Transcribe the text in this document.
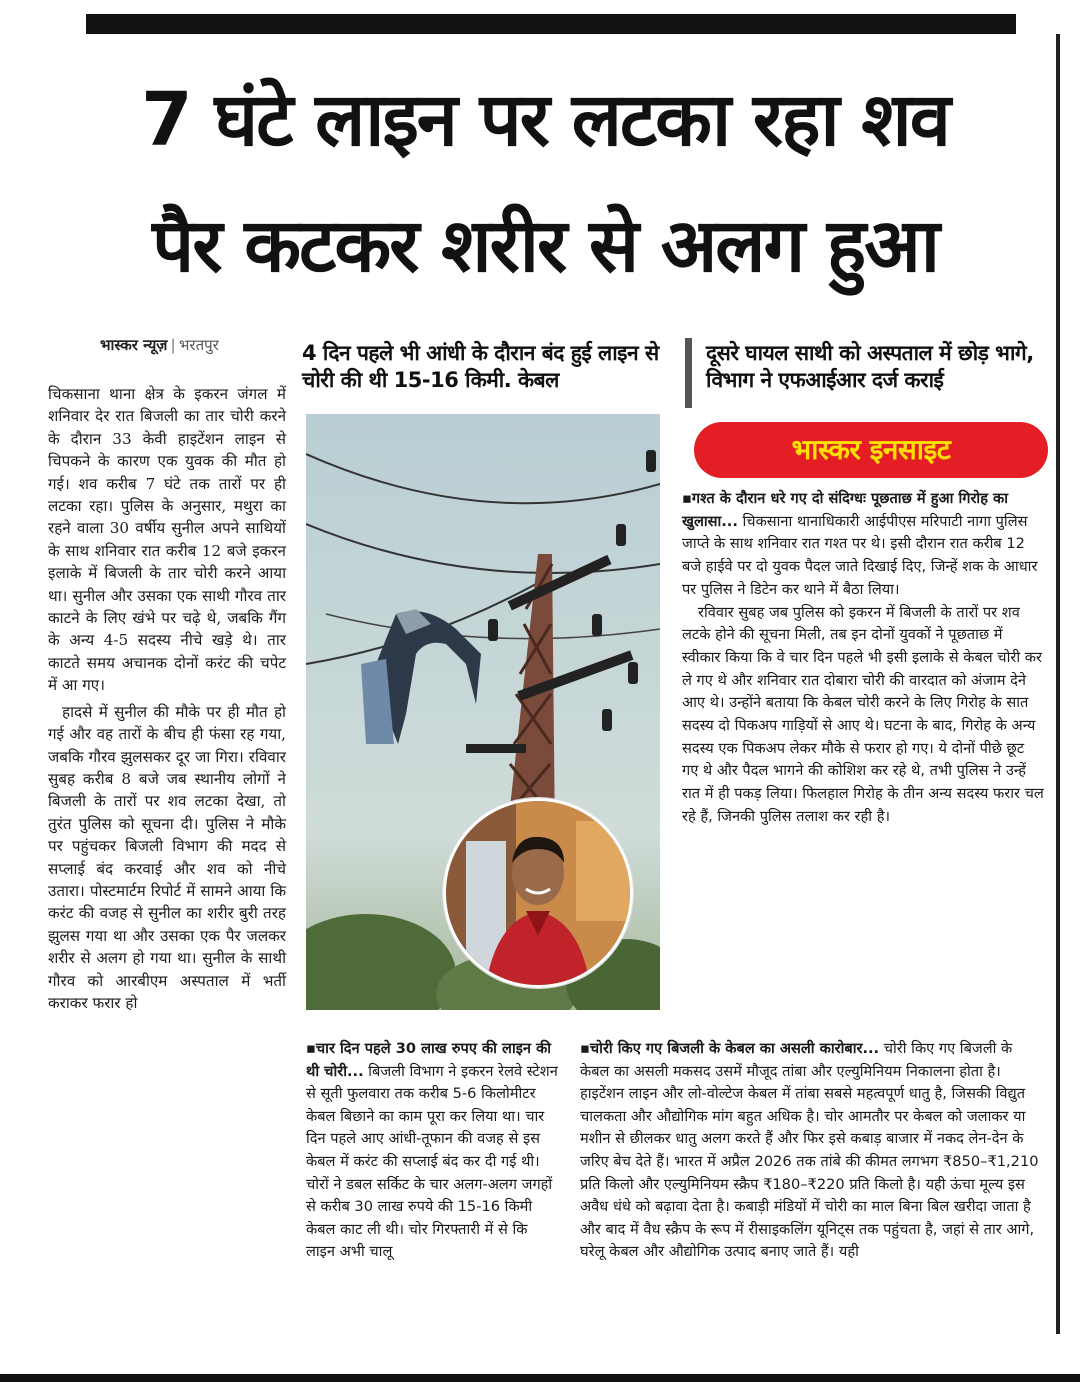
7 घंटे लाइन पर लटका रहा शव
पैर कटकर शरीर से अलग हुआ
भास्कर न्यूज़ | भरतपुर

चिकसाना थाना क्षेत्र के इकरन जंगल में शनिवार देर रात बिजली का तार चोरी करने के दौरान 33 केवी हाइटेंशन लाइन से चिपकने के कारण एक युवक की मौत हो गई। शव करीब 7 घंटे तक तारों पर ही लटका रहा। पुलिस के अनुसार, मथुरा का रहने वाला 30 वर्षीय सुनील अपने साथियों के साथ शनिवार रात करीब 12 बजे इकरन इलाके में बिजली के तार चोरी करने आया था। सुनील और उसका एक साथी गौरव तार काटने के लिए खंभे पर चढ़े थे, जबकि गैंग के अन्य 4-5 सदस्य नीचे खड़े थे। तार काटते समय अचानक दोनों करंट की चपेट में आ गए।

हादसे में सुनील की मौके पर ही मौत हो गई और वह तारों के बीच ही फंसा रह गया, जबकि गौरव झुलसकर दूर जा गिरा। रविवार सुबह करीब 8 बजे जब स्थानीय लोगों ने बिजली के तारों पर शव लटका देखा, तो तुरंत पुलिस को सूचना दी। पुलिस ने मौके पर पहुंचकर बिजली विभाग की मदद से सप्लाई बंद करवाई और शव को नीचे उतारा। पोस्टमार्टम रिपोर्ट में सामने आया कि करंट की वजह से सुनील का शरीर बुरी तरह झुलस गया था और उसका एक पैर जलकर शरीर से अलग हो गया था। सुनील के साथी गौरव को आरबीएम अस्पताल में भर्ती कराकर फरार हो

4 दिन पहले भी आंधी के दौरान बंद हुई लाइन से चोरी की थी 15-16 किमी. केबल
दूसरे घायल साथी को अस्पताल में छोड़ भागे, विभाग ने एफआईआर दर्ज कराई
भास्कर इनसाइट

▪गश्त के दौरान धरे गए दो संदिग्धः पूछताछ में हुआ गिरोह का खुलासा... चिकसाना थानाधिकारी आईपीएस मरिपाटी नागा पुलिस जाप्ते के साथ शनिवार रात गश्त पर थे। इसी दौरान रात करीब 12 बजे हाईवे पर दो युवक पैदल जाते दिखाई दिए, जिन्हें शक के आधार पर पुलिस ने डिटेन कर थाने में बैठा लिया।

रविवार सुबह जब पुलिस को इकरन में बिजली के तारों पर शव लटके होने की सूचना मिली, तब इन दोनों युवकों ने पूछताछ में स्वीकार किया कि वे चार दिन पहले भी इसी इलाके से केबल चोरी कर ले गए थे और शनिवार रात दोबारा चोरी की वारदात को अंजाम देने आए थे। उन्होंने बताया कि केबल चोरी करने के लिए गिरोह के सात सदस्य दो पिकअप गाड़ियों से आए थे। घटना के बाद, गिरोह के अन्य सदस्य एक पिकअप लेकर मौके से फरार हो गए। ये दोनों पीछे छूट गए थे और पैदल भागने की कोशिश कर रहे थे, तभी पुलिस ने उन्हें रात में ही पकड़ लिया। फिलहाल गिरोह के तीन अन्य सदस्य फरार चल रहे हैं, जिनकी पुलिस तलाश कर रही है।

▪चार दिन पहले 30 लाख रुपए की लाइन की थी चोरी... बिजली विभाग ने इकरन रेलवे स्टेशन से सूती फुलवारा तक करीब 5-6 किलोमीटर केबल बिछाने का काम पूरा कर लिया था। चार दिन पहले आए आंधी-तूफान की वजह से इस केबल में करंट की सप्लाई बंद कर दी गई थी। चोरों ने डबल सर्किट के चार अलग-अलग जगहों से करीब 30 लाख रुपये की 15-16 किमी केबल काट ली थी। चोर गिरफ्तारी में से कि लाइन अभी चालू
▪चोरी किए गए बिजली के केबल का असली कारोबार... चोरी किए गए बिजली के केबल का असली मकसद उसमें मौजूद तांबा और एल्युमिनियम निकालना होता है। हाइटेंशन लाइन और लो-वोल्टेज केबल में तांबा सबसे महत्वपूर्ण धातु है, जिसकी विद्युत चालकता और औद्योगिक मांग बहुत अधिक है। चोर आमतौर पर केबल को जलाकर या मशीन से छीलकर धातु अलग करते हैं और फिर इसे कबाड़ बाजार में नकद लेन-देन के जरिए बेच देते हैं। भारत में अप्रैल 2026 तक तांबे की कीमत लगभग ₹850–₹1,210 प्रति किलो और एल्युमिनियम स्क्रैप ₹180–₹220 प्रति किलो है। यही ऊंचा मूल्य इस अवैध धंधे को बढ़ावा देता है। कबाड़ी मंडियों में चोरी का माल बिना बिल खरीदा जाता है और बाद में वैध स्क्रैप के रूप में रीसाइकलिंग यूनिट्स तक पहुंचता है, जहां से तार आगे, घरेलू केबल और औद्योगिक उत्पाद बनाए जाते हैं। यही
